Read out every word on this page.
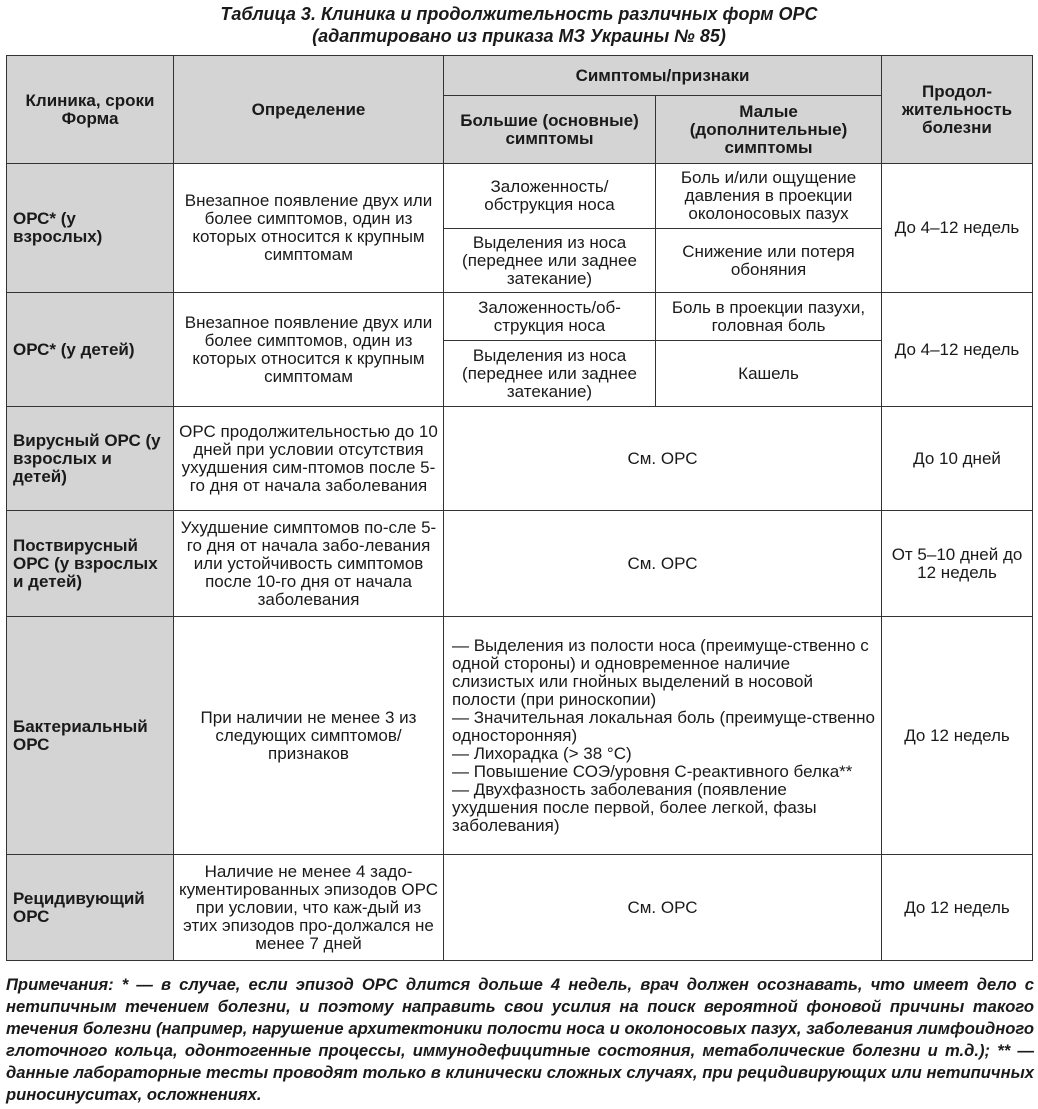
Таблица 3. Клиника и продолжительность различных форм ОРС
(адаптировано из приказа МЗ Украины № 85)
Клиника, сроки Форма	Определение	Симптомы/признаки		Продол-жительность болезни
		Большие (основные) симптомы	Малые (дополнительные) симптомы	
ОРС* (у взрослых)	Внезапное появление двух или более симптомов, один из которых относится к крупным симптомам	Заложенность/ обструкция носа	Боль и/или ощущение давления в проекции околоносовых пазух	До 4–12 недель
		Выделения из носа (переднее или заднее затекание)	Снижение или потеря обоняния	
ОРС* (у детей)	Внезапное появление двух или более симптомов, один из которых относится к крупным симптомам	Заложенность/об-струкция носа	Боль в проекции пазухи, головная боль	До 4–12 недель
		Выделения из носа (переднее или заднее затекание)	Кашель	
Вирусный ОРС (у взрослых и детей)	ОРС продолжительностью до 10 дней при условии отсутствия ухудшения сим-птомов после 5-го дня от начала заболевания	См. ОРС		До 10 дней
Поствирусный ОРС (у взрослых и детей)	Ухудшение симптомов по-сле 5-го дня от начала забо-левания или устойчивость симптомов после 10-го дня от начала заболевания	См. ОРС		От 5–10 дней до 12 недель
Бактериальный ОРС	При наличии не менее 3 из следующих симптомов/признаков	— Выделения из полости носа (преимуще-ственно с одной стороны) и одновременное наличие слизистых или гнойных выделений в носовой полости (при риноскопии)
— Значительная локальная боль (преимуще-ственно односторонняя)
— Лихорадка (> 38 °C)
— Повышение СОЭ/уровня С-реактивного белка**
— Двухфазность заболевания (появление ухудшения после первой, более легкой, фазы заболевания)		До 12 недель
Рецидивующий ОРС	Наличие не менее 4 задо-кументированных эпизодов ОРС при условии, что каж-дый из этих эпизодов про-должался не менее 7 дней	См. ОРС		До 12 недель
Примечания: * — в случае, если эпизод ОРС длится дольше 4 недель, врач должен осознавать, что имеет дело с нетипичным течением болезни, и поэтому направить свои усилия на поиск вероятной фоновой причины такого течения болезни (например, нарушение архитектоники полости носа и околоносовых пазух, заболевания лимфоидного глоточного кольца, одонтогенные процессы, иммунодефицитные состояния, метаболические болезни и т.д.); ** — данные лабораторные тесты проводят только в клинически сложных случаях, при рецидивирующих или нетипичных риносинуситах, осложнениях.
